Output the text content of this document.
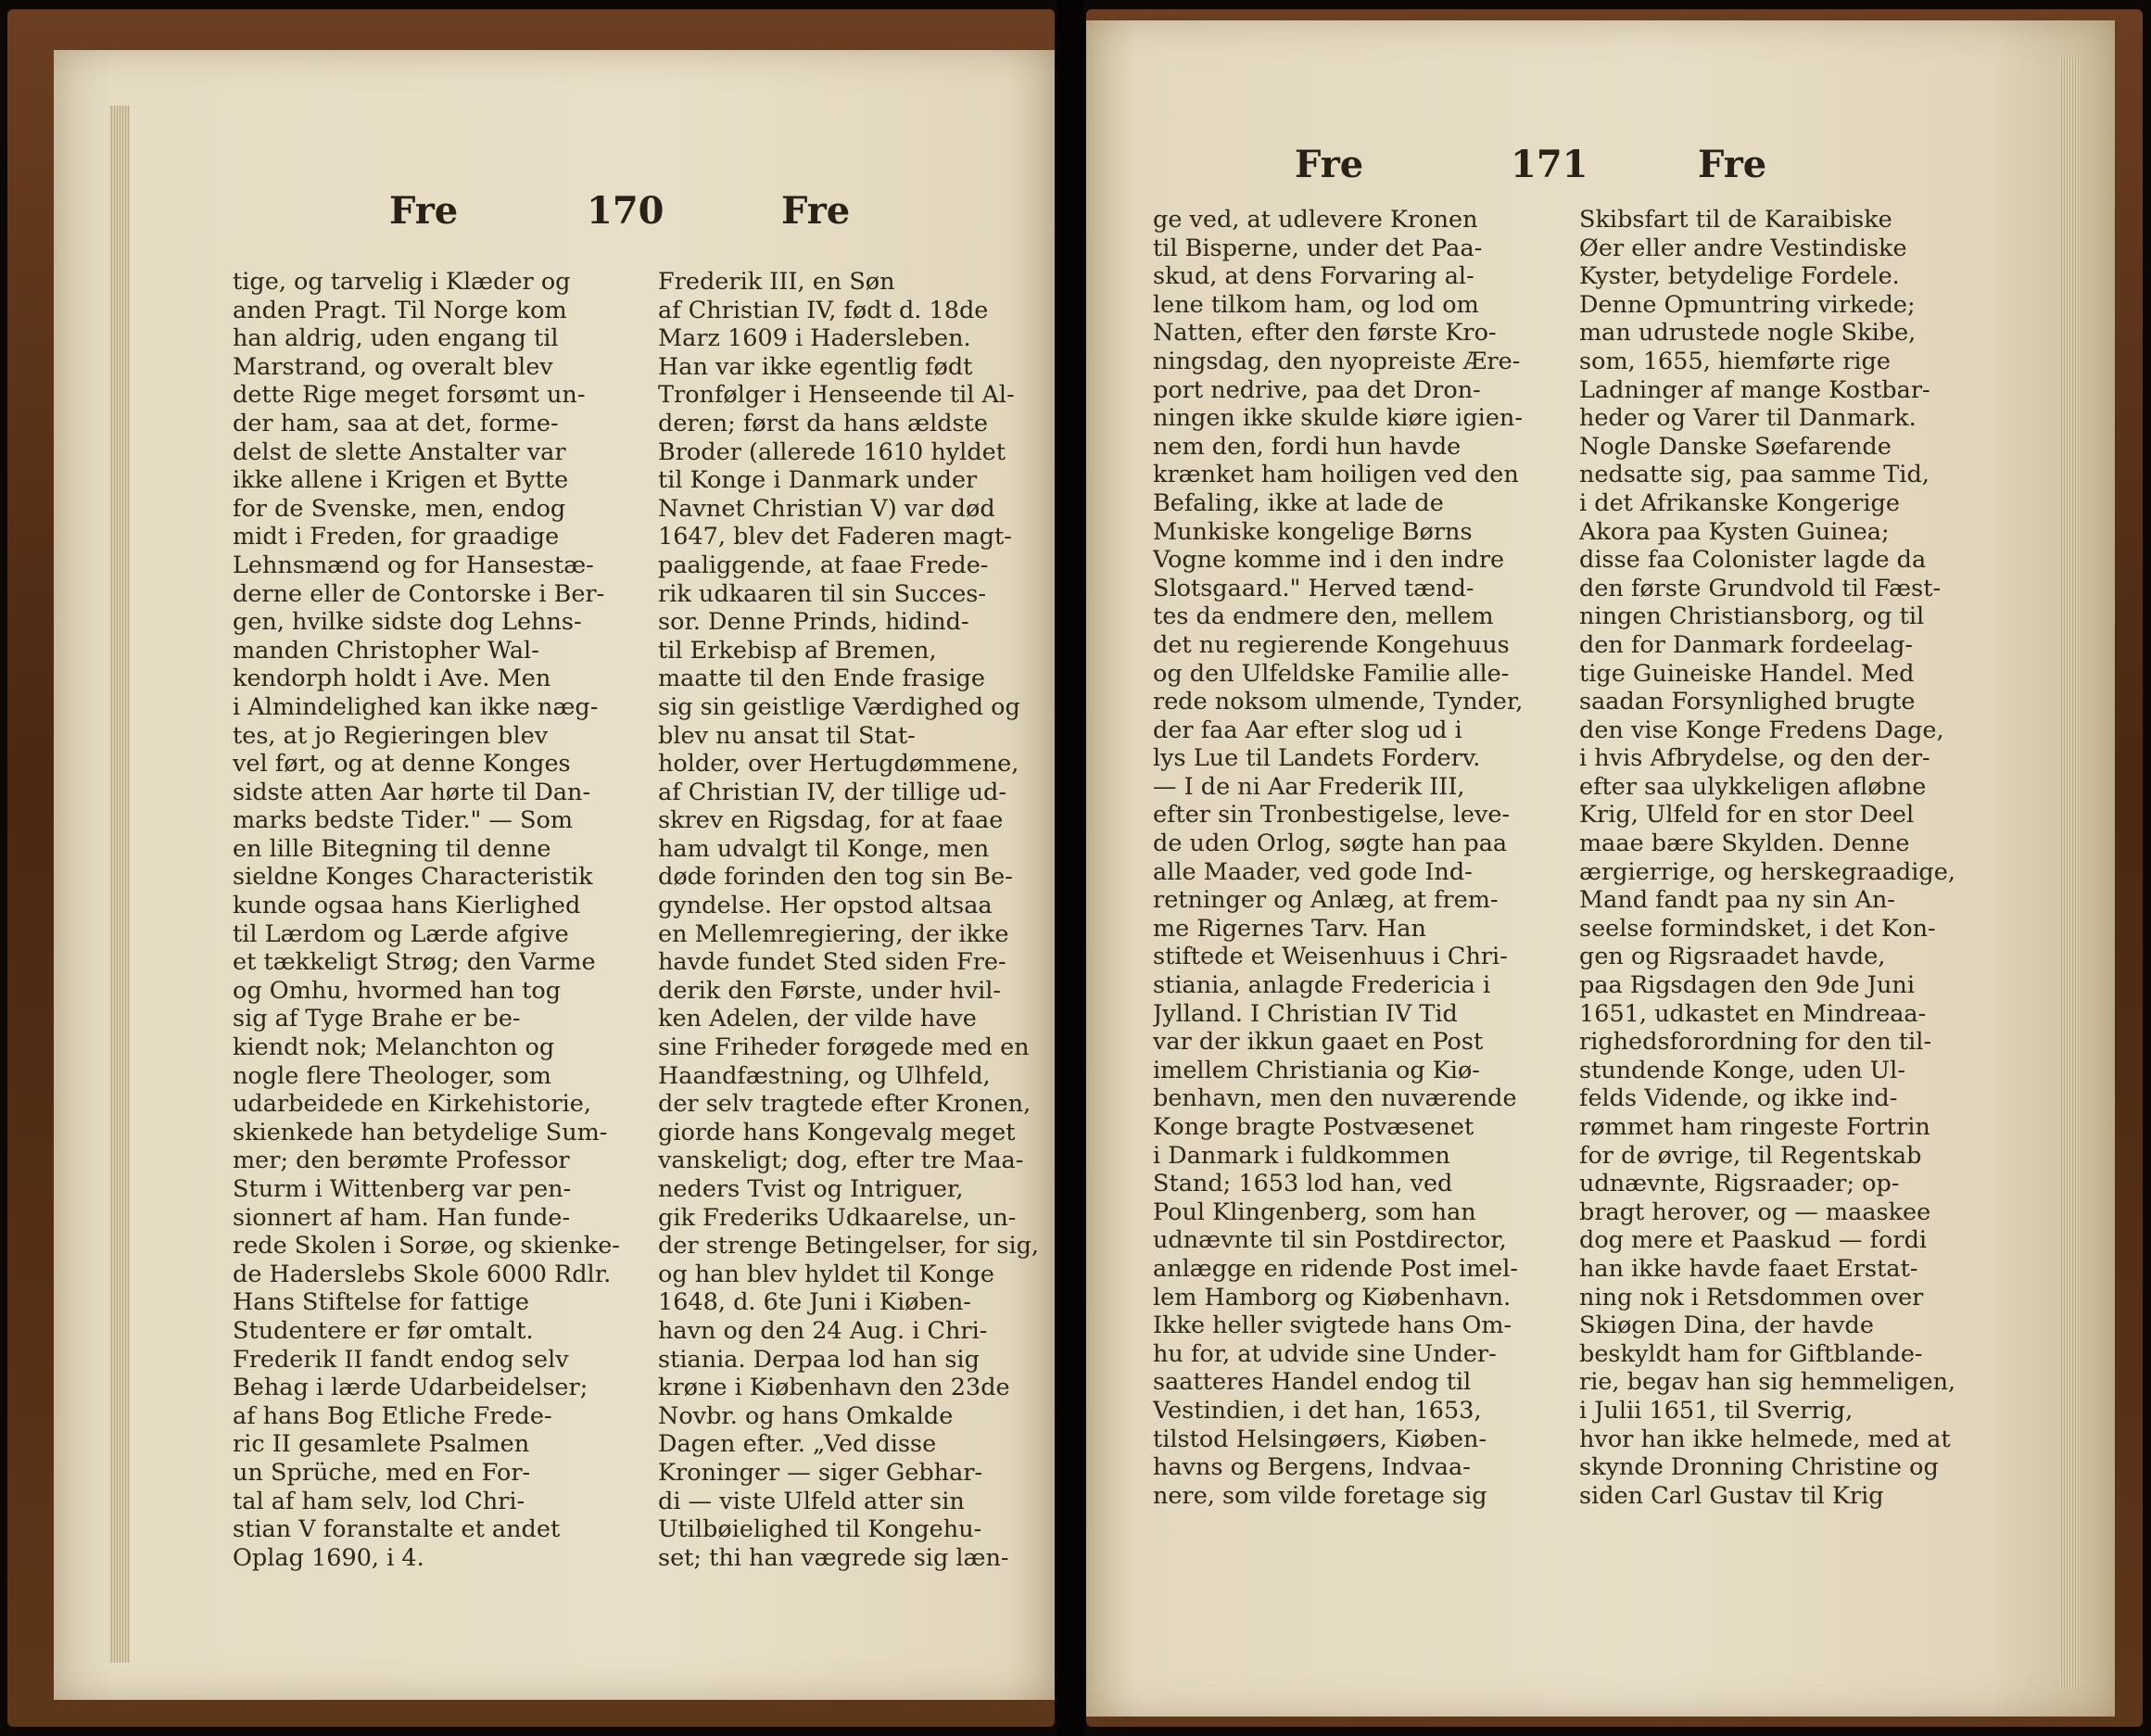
Fre	170	Fre
tige, og tarvelig i Klæder og
anden Pragt. Til Norge kom
han aldrig, uden engang til
Marstrand, og overalt blev
dette Rige meget forsømt un-
der ham, saa at det, forme-
delst de slette Anstalter var
ikke allene i Krigen et Bytte
for de Svenske, men, endog
midt i Freden, for graadige
Lehnsmænd og for Hansestæ-
derne eller de Contorske i Ber-
gen, hvilke sidste dog Lehns-
manden Christopher Wal-
kendorph holdt i Ave. Men
i Almindelighed kan ikke næg-
tes, at jo Regieringen blev
vel ført, og at denne Konges
sidste atten Aar hørte til Dan-
marks bedste Tider." — Som
en lille Bitegning til denne
sieldne Konges Characteristik
kunde ogsaa hans Kierlighed
til Lærdom og Lærde afgive
et tækkeligt Strøg; den Varme
og Omhu, hvormed han tog
sig af Tyge Brahe er be-
kiendt nok; Melanchton og
nogle flere Theologer, som
udarbeidede en Kirkehistorie,
skienkede han betydelige Sum-
mer; den berømte Professor
Sturm i Wittenberg var pen-
sionnert af ham. Han funde-
rede Skolen i Sorøe, og skienke-
de Haderslebs Skole 6000 Rdlr.
Hans Stiftelse for fattige
Studentere er før omtalt.
Frederik II fandt endog selv
Behag i lærde Udarbeidelser;
af hans Bog Etliche Frede-
ric II gesamlete Psalmen
un Sprüche, med en For-
tal af ham selv, lod Chri-
stian V foranstalte et andet
Oplag 1690, i 4.
Frederik III, en Søn
af Christian IV, født d. 18de
Marz 1609 i Hadersleben.
Han var ikke egentlig født
Tronfølger i Henseende til Al-
deren; først da hans ældste
Broder (allerede 1610 hyldet
til Konge i Danmark under
Navnet Christian V) var død
1647, blev det Faderen magt-
paaliggende, at faae Frede-
rik udkaaren til sin Succes-
sor. Denne Prinds, hidind-
til Erkebisp af Bremen,
maatte til den Ende frasige
sig sin geistlige Værdighed og
blev nu ansat til Stat-
holder, over Hertugdømmene,
af Christian IV, der tillige ud-
skrev en Rigsdag, for at faae
ham udvalgt til Konge, men
døde forinden den tog sin Be-
gyndelse. Her opstod altsaa
en Mellemregiering, der ikke
havde fundet Sted siden Fre-
derik den Første, under hvil-
ken Adelen, der vilde have
sine Friheder forøgede med en
Haandfæstning, og Ulhfeld,
der selv tragtede efter Kronen,
giorde hans Kongevalg meget
vanskeligt; dog, efter tre Maa-
neders Tvist og Intriguer,
gik Frederiks Udkaarelse, un-
der strenge Betingelser, for sig,
og han blev hyldet til Konge
1648, d. 6te Juni i Kiøben-
havn og den 24 Aug. i Chri-
stiania. Derpaa lod han sig
krøne i Kiøbenhavn den 23de
Novbr. og hans Omkalde
Dagen efter. „Ved disse
Kroninger — siger Gebhar-
di — viste Ulfeld atter sin
Utilbøielighed til Kongehu-
set; thi han vægrede sig læn-
Fre	171	Fre
ge ved, at udlevere Kronen
til Bisperne, under det Paa-
skud, at dens Forvaring al-
lene tilkom ham, og lod om
Natten, efter den første Kro-
ningsdag, den nyopreiste Ære-
port nedrive, paa det Dron-
ningen ikke skulde kiøre igien-
nem den, fordi hun havde
krænket ham hoiligen ved den
Befaling, ikke at lade de
Munkiske kongelige Børns
Vogne komme ind i den indre
Slotsgaard." Herved tænd-
tes da endmere den, mellem
det nu regierende Kongehuus
og den Ulfeldske Familie alle-
rede noksom ulmende, Tynder,
der faa Aar efter slog ud i
lys Lue til Landets Forderv.
— I de ni Aar Frederik III,
efter sin Tronbestigelse, leve-
de uden Orlog, søgte han paa
alle Maader, ved gode Ind-
retninger og Anlæg, at frem-
me Rigernes Tarv. Han
stiftede et Weisenhuus i Chri-
stiania, anlagde Fredericia i
Jylland. I Christian IV Tid
var der ikkun gaaet en Post
imellem Christiania og Kiø-
benhavn, men den nuværende
Konge bragte Postvæsenet
i Danmark i fuldkommen
Stand; 1653 lod han, ved
Poul Klingenberg, som han
udnævnte til sin Postdirector,
anlægge en ridende Post imel-
lem Hamborg og Kiøbenhavn.
Ikke heller svigtede hans Om-
hu for, at udvide sine Under-
saatteres Handel endog til
Vestindien, i det han, 1653,
tilstod Helsingøers, Kiøben-
havns og Bergens, Indvaa-
nere, som vilde foretage sig
Skibsfart til de Karaibiske
Øer eller andre Vestindiske
Kyster, betydelige Fordele.
Denne Opmuntring virkede;
man udrustede nogle Skibe,
som, 1655, hiemførte rige
Ladninger af mange Kostbar-
heder og Varer til Danmark.
Nogle Danske Søefarende
nedsatte sig, paa samme Tid,
i det Afrikanske Kongerige
Akora paa Kysten Guinea;
disse faa Colonister lagde da
den første Grundvold til Fæst-
ningen Christiansborg, og til
den for Danmark fordeelag-
tige Guineiske Handel. Med
saadan Forsynlighed brugte
den vise Konge Fredens Dage,
i hvis Afbrydelse, og den der-
efter saa ulykkeligen afløbne
Krig, Ulfeld for en stor Deel
maae bære Skylden. Denne
ærgierrige, og herskegraadige,
Mand fandt paa ny sin An-
seelse formindsket, i det Kon-
gen og Rigsraadet havde,
paa Rigsdagen den 9de Juni
1651, udkastet en Mindreaa-
righedsforordning for den til-
stundende Konge, uden Ul-
felds Vidende, og ikke ind-
rømmet ham ringeste Fortrin
for de øvrige, til Regentskab
udnævnte, Rigsraader; op-
bragt herover, og — maaskee
dog mere et Paaskud — fordi
han ikke havde faaet Erstat-
ning nok i Retsdommen over
Skiøgen Dina, der havde
beskyldt ham for Giftblande-
rie, begav han sig hemmeligen,
i Julii 1651, til Sverrig,
hvor han ikke helmede, med at
skynde Dronning Christine og
siden Carl Gustav til Krig
